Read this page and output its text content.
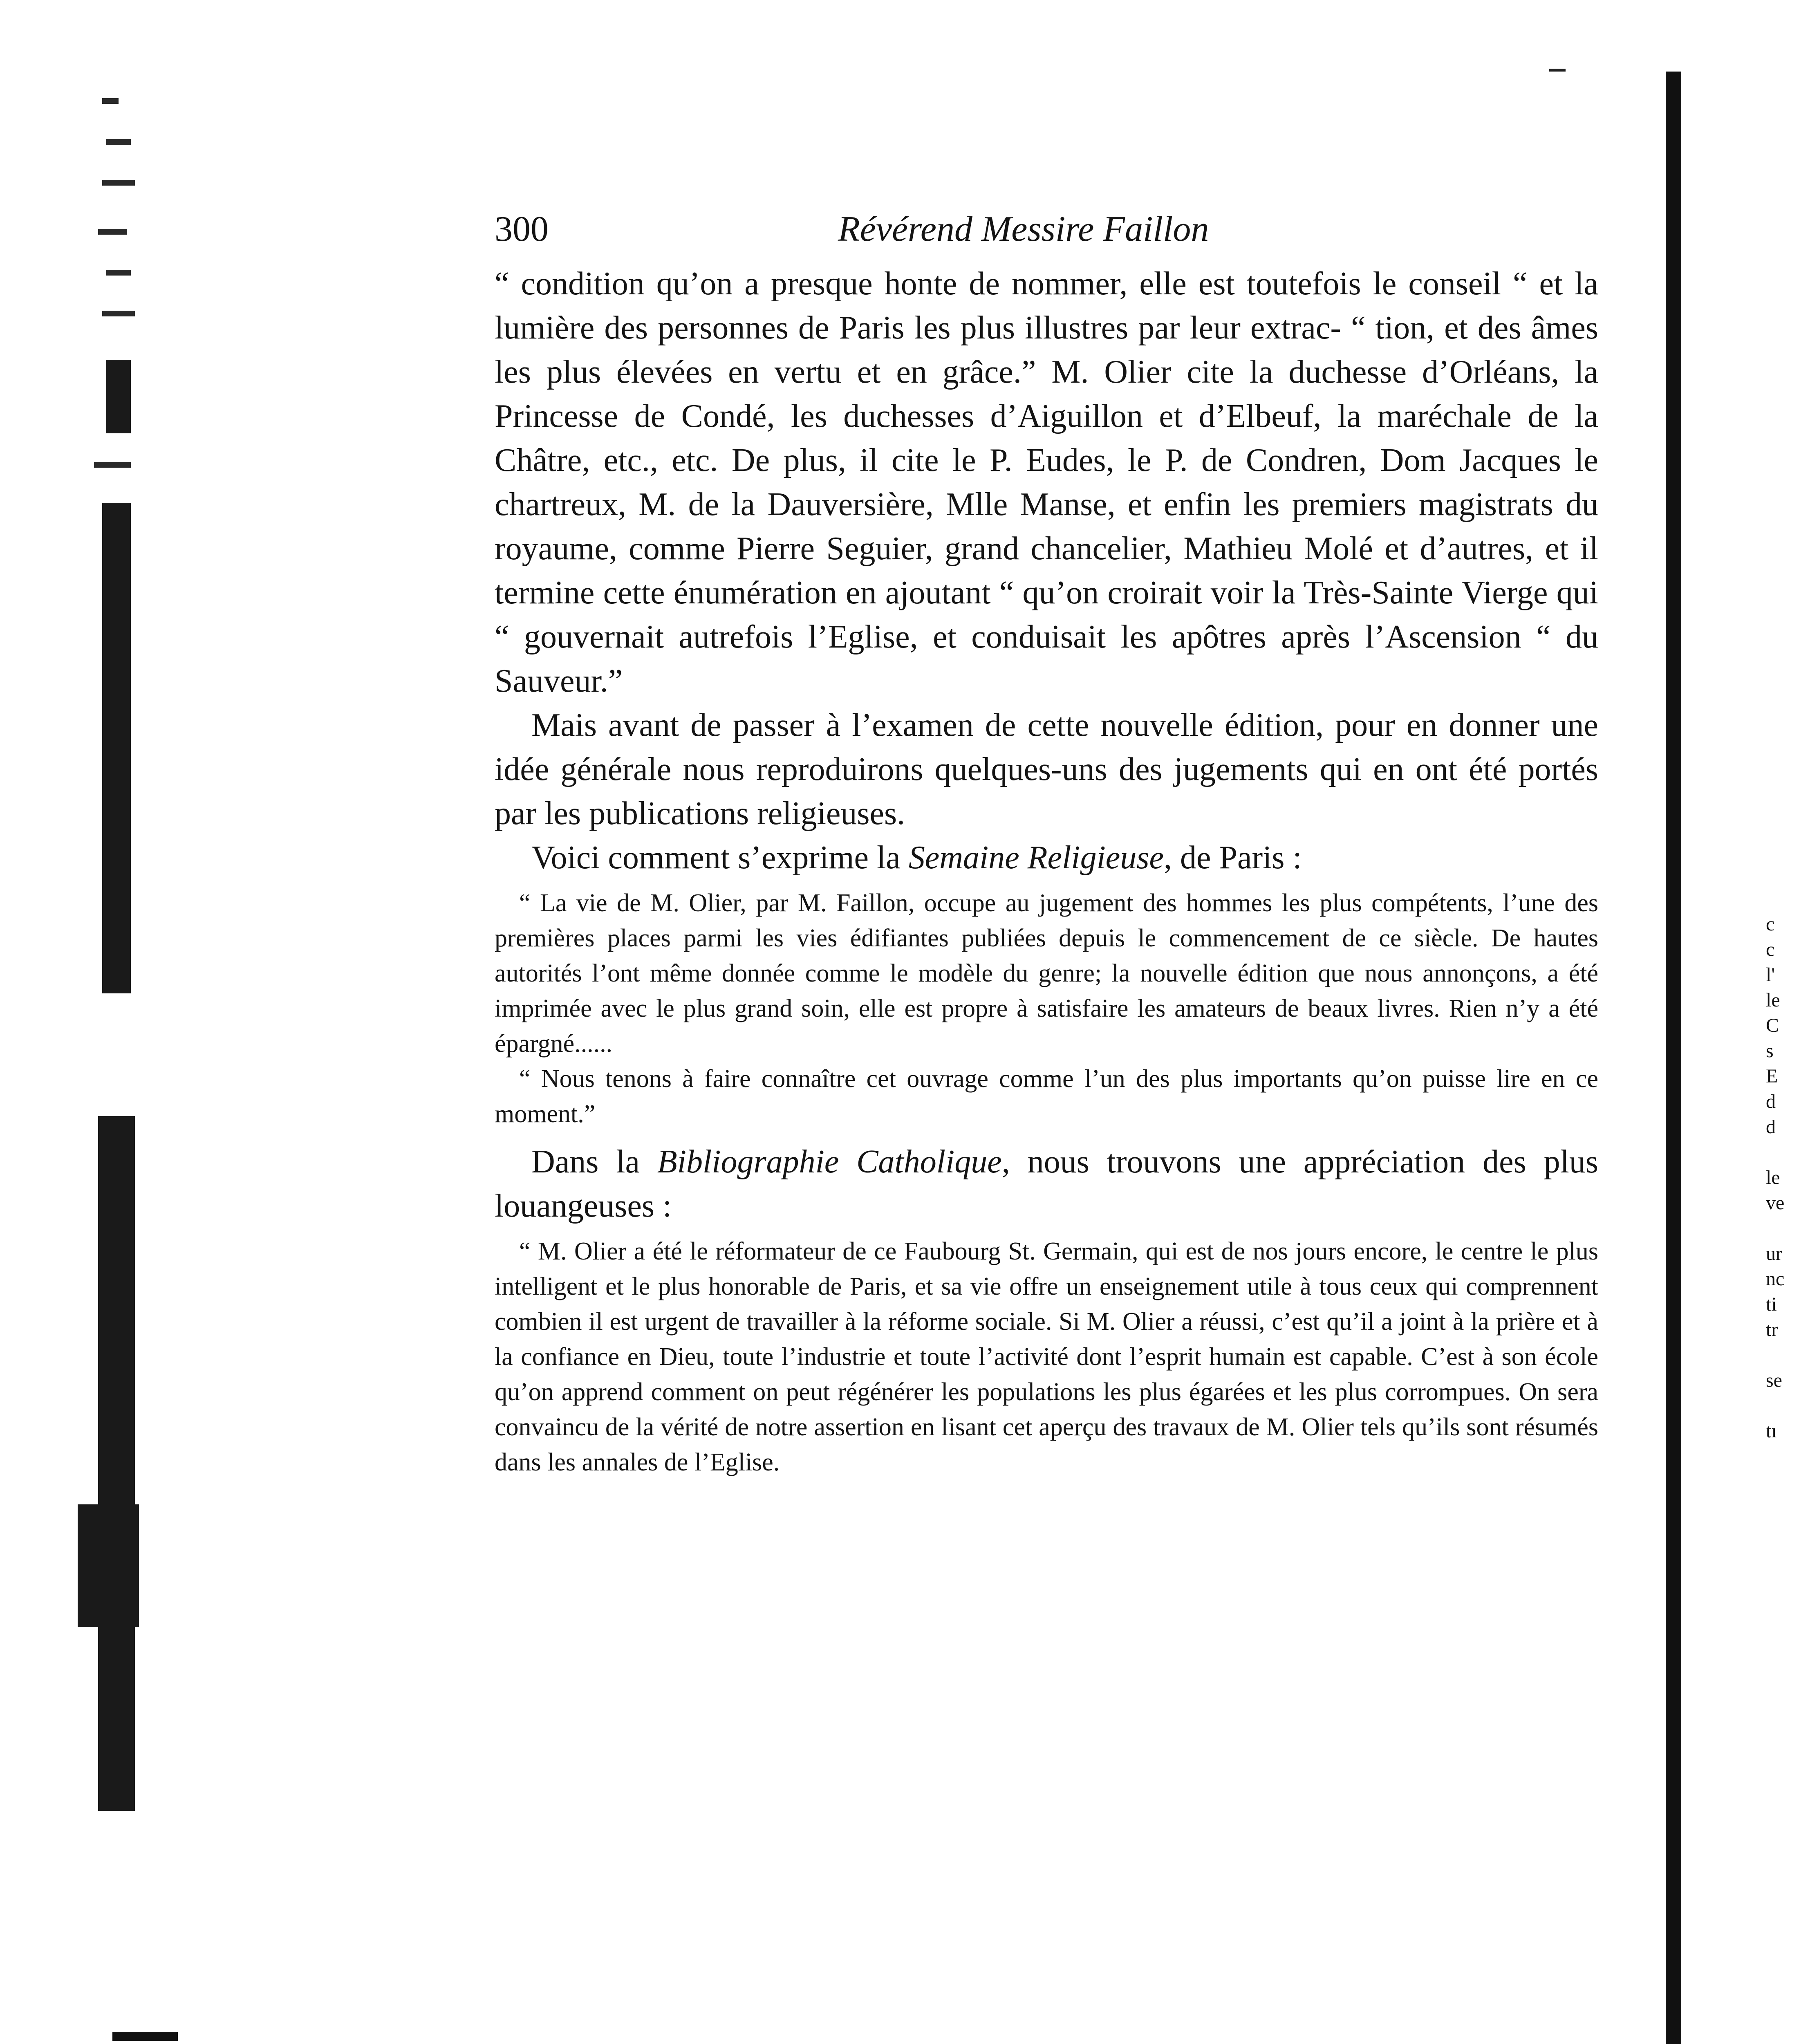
c
c
l'
le
C
s
E
d
d
le
ve
ur
nc
ti
tr
se
tı
300	Révérend Messire Faillon

“ condition qu’on a presque honte de nommer, elle est toutefois le conseil “ et la lumière des personnes de Paris les plus illustres par leur extrac- “ tion, et des âmes les plus élevées en vertu et en grâce.” M. Olier cite la duchesse d’Orléans, la Princesse de Condé, les duchesses d’Aiguillon et d’Elbeuf, la maréchale de la Châtre, etc., etc. De plus, il cite le P. Eudes, le P. de Condren, Dom Jacques le chartreux, M. de la Dauversière, Mlle Manse, et enfin les premiers magistrats du royaume, comme Pierre Seguier, grand chancelier, Mathieu Molé et d’autres, et il termine cette énumération en ajoutant “ qu’on croirait voir la Très-Sainte Vierge qui “ gouvernait autrefois l’Eglise, et conduisait les apôtres après l’Ascension “ du Sauveur.”

Mais avant de passer à l’examen de cette nouvelle édition, pour en donner une idée générale nous reproduirons quelques-uns des jugements qui en ont été portés par les publications religieuses.

Voici comment s’exprime la Semaine Religieuse, de Paris :

“ La vie de M. Olier, par M. Faillon, occupe au jugement des hommes les plus compétents, l’une des premières places parmi les vies édifiantes publiées depuis le commencement de ce siècle. De hautes autorités l’ont même donnée comme le modèle du genre; la nouvelle édition que nous annonçons, a été imprimée avec le plus grand soin, elle est propre à satisfaire les amateurs de beaux livres. Rien n’y a été épargné......

“ Nous tenons à faire connaître cet ouvrage comme l’un des plus importants qu’on puisse lire en ce moment.”

Dans la Bibliographie Catholique, nous trouvons une appréciation des plus louangeuses :

“ M. Olier a été le réformateur de ce Faubourg St. Germain, qui est de nos jours encore, le centre le plus intelligent et le plus honorable de Paris, et sa vie offre un enseignement utile à tous ceux qui comprennent combien il est urgent de travailler à la réforme sociale. Si M. Olier a réussi, c’est qu’il a joint à la prière et à la confiance en Dieu, toute l’industrie et toute l’activité dont l’esprit humain est capable. C’est à son école qu’on apprend comment on peut régénérer les populations les plus égarées et les plus corrompues. On sera convaincu de la vérité de notre assertion en lisant cet aperçu des travaux de M. Olier tels qu’ils sont résumés dans les annales de l’Eglise.
